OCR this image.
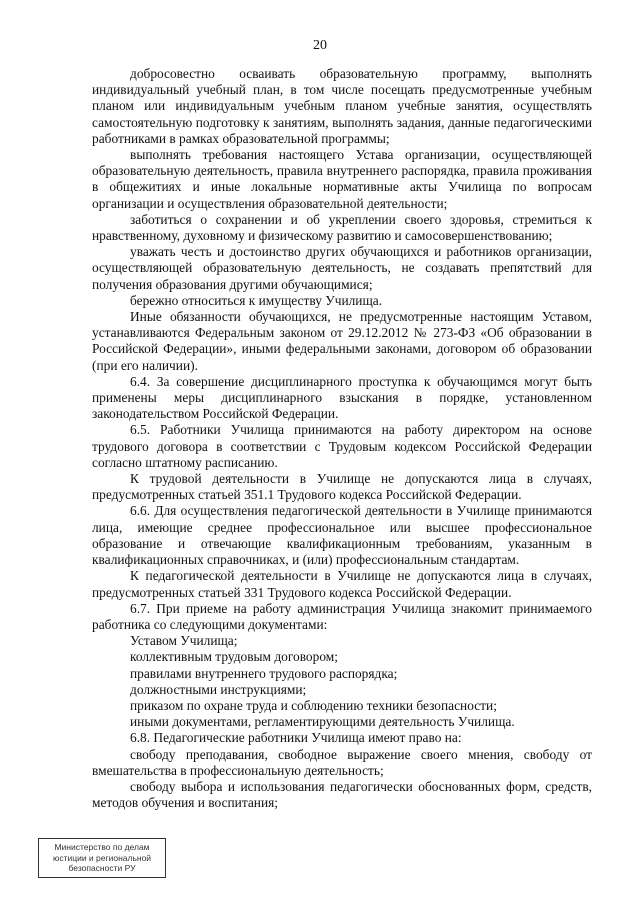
20

добросовестно осваивать образовательную программу, выполнять индивидуальный учебный план, в том числе посещать предусмотренные учебным планом или индивидуальным учебным планом учебные занятия, осуществлять самостоятельную подготовку к занятиям, выполнять задания, данные педагогическими работниками в рамках образовательной программы;

выполнять требования настоящего Устава организации, осуществляющей образовательную деятельность, правила внутреннего распорядка, правила проживания в общежитиях и иные локальные нормативные акты Училища по вопросам организации и осуществления образовательной деятельности;

заботиться о сохранении и об укреплении своего здоровья, стремиться к нравственному, духовному и физическому развитию и самосовершенствованию;

уважать честь и достоинство других обучающихся и работников организации, осуществляющей образовательную деятельность, не создавать препятствий для получения образования другими обучающимися;

бережно относиться к имуществу Училища.

Иные обязанности обучающихся, не предусмотренные настоящим Уставом, устанавливаются Федеральным законом от 29.12.2012 № 273-ФЗ «Об образовании в Российской Федерации», иными федеральными законами, договором об образовании (при его наличии).

6.4. За совершение дисциплинарного проступка к обучающимся могут быть применены меры дисциплинарного взыскания в порядке, установленном законодательством Российской Федерации.

6.5. Работники Училища принимаются на работу директором на основе трудового договора в соответствии с Трудовым кодексом Российской Федерации согласно штатному расписанию.

К трудовой деятельности в Училище не допускаются лица в случаях, предусмотренных статьей 351.1 Трудового кодекса Российской Федерации.

6.6. Для осуществления педагогической деятельности в Училище принимаются лица, имеющие среднее профессиональное или высшее профессиональное образование и отвечающие квалификационным требованиям, указанным в квалификационных справочниках, и (или) профессиональным стандартам.

К педагогической деятельности в Училище не допускаются лица в случаях, предусмотренных статьей 331 Трудового кодекса Российской Федерации.

6.7. При приеме на работу администрация Училища знакомит принимаемого работника со следующими документами:

Уставом Училища;

коллективным трудовым договором;

правилами внутреннего трудового распорядка;

должностными инструкциями;

приказом по охране труда и соблюдению техники безопасности;

иными документами, регламентирующими деятельность Училища.

6.8. Педагогические работники Училища имеют право на:

свободу преподавания, свободное выражение своего мнения, свободу от вмешательства в профессиональную деятельность;

свободу выбора и использования педагогически обоснованных форм, средств, методов обучения и воспитания;

Министерство по делам
юстиции и региональной
безопасности РУ
